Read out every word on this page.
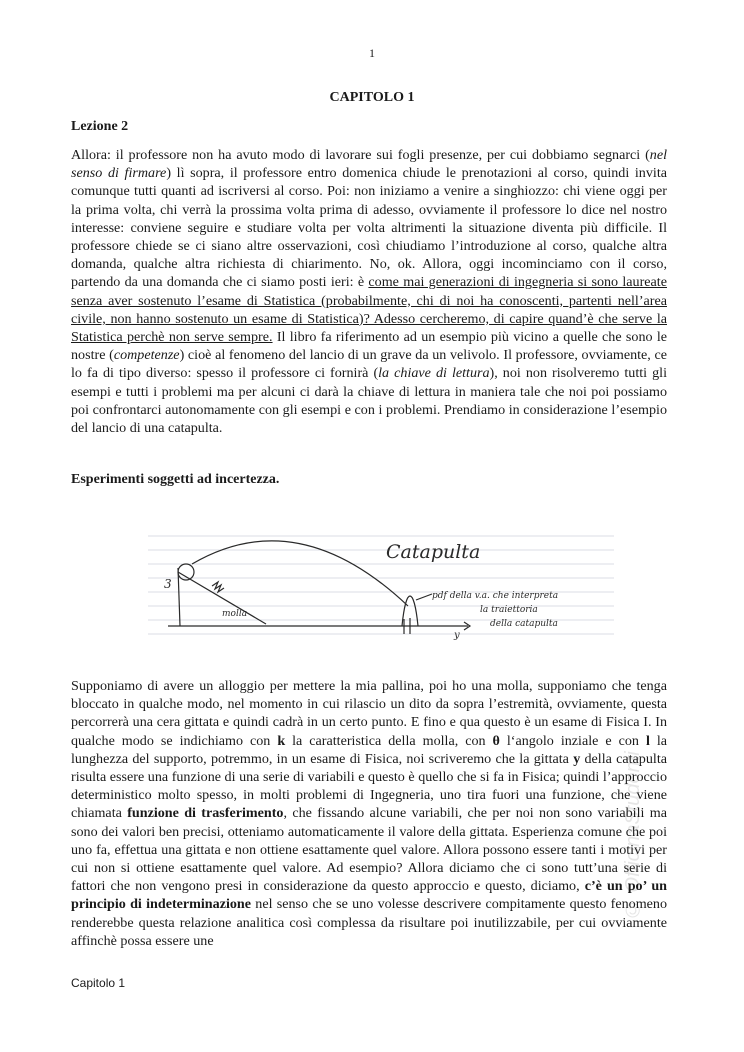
1
CAPITOLO 1
Lezione 2

Allora: il professore non ha avuto modo di lavorare sui fogli presenze, per cui dobbiamo segnarci (nel senso di firmare) lì sopra, il professore entro domenica chiude le prenotazioni al corso, quindi invita comunque tutti quanti ad iscriversi al corso. Poi: non iniziamo a venire a singhiozzo: chi viene oggi per la prima volta, chi verrà la prossima volta prima di adesso, ovviamente il professore lo dice nel nostro interesse: conviene seguire e studiare volta per volta altrimenti la situazione diventa più difficile. Il professore chiede se ci siano altre osservazioni, così chiudiamo l’introduzione al corso, qualche altra domanda, qualche altra richiesta di chiarimento. No, ok. Allora, oggi incominciamo con il corso, partendo da una domanda che ci siamo posti ieri: è come mai generazioni di ingegneria si sono laureate senza aver sostenuto l’esame di Statistica (probabilmente, chi di noi ha conoscenti, partenti nell’area civile, non hanno sostenuto un esame di Statistica)? Adesso cercheremo, di capire quand’è che serve la Statistica perchè non serve sempre. Il libro fa riferimento ad un esempio più vicino a quelle che sono le nostre (competenze) cioè al fenomeno del lancio di un grave da un velivolo. Il professore, ovviamente, ce lo fa di tipo diverso: spesso il professore ci fornirà (la chiave di lettura), noi non risolveremo tutti gli esempi e tutti i problemi ma per alcuni ci darà la chiave di lettura in maniera tale che noi poi possiamo poi confrontarci autonomamente con gli esempi e con i problemi. Prendiamo in considerazione l’esempio del lancio di una catapulta.

Esperimenti soggetti ad incertezza.
Catapulta
3
molla
pdf della v.a. che interpreta
la traiettoria
della catapulta
y
© OfficinaStudenti

Supponiamo di avere un alloggio per mettere la mia pallina, poi ho una molla, supponiamo che tenga bloccato in qualche modo, nel momento in cui rilascio un dito da sopra l’estremità, ovviamente, questa percorrerà una cera gittata e quindi cadrà in un certo punto. E fino e qua questo è un esame di Fisica I. In qualche modo se indichiamo con k la caratteristica della molla, con θ l‘angolo inziale e con l la lunghezza del supporto, potremmo, in un esame di Fisica, noi scriveremo che la gittata y della catapulta risulta essere una funzione di una serie di variabili e questo è quello che si fa in Fisica; quindi l’approccio deterministico molto spesso, in molti problemi di Ingegneria, uno tira fuori una funzione, che viene chiamata funzione di trasferimento, che fissando alcune variabili, che per noi non sono variabili ma sono dei valori ben precisi, otteniamo automaticamente il valore della gittata. Esperienza comune che poi uno fa, effettua una gittata e non ottiene esattamente quel valore. Allora possono essere tanti i motivi per cui non si ottiene esattamente quel valore. Ad esempio? Allora diciamo che ci sono tutt’una serie di fattori che non vengono presi in considerazione da questo approccio e questo, diciamo, c’è un po’ un principio di indeterminazione nel senso che se uno volesse descrivere compitamente questo fenomeno renderebbe questa relazione analitica così complessa da risultare poi inutilizzabile, per cui ovviamente affinchè possa essere une

Capitolo 1
